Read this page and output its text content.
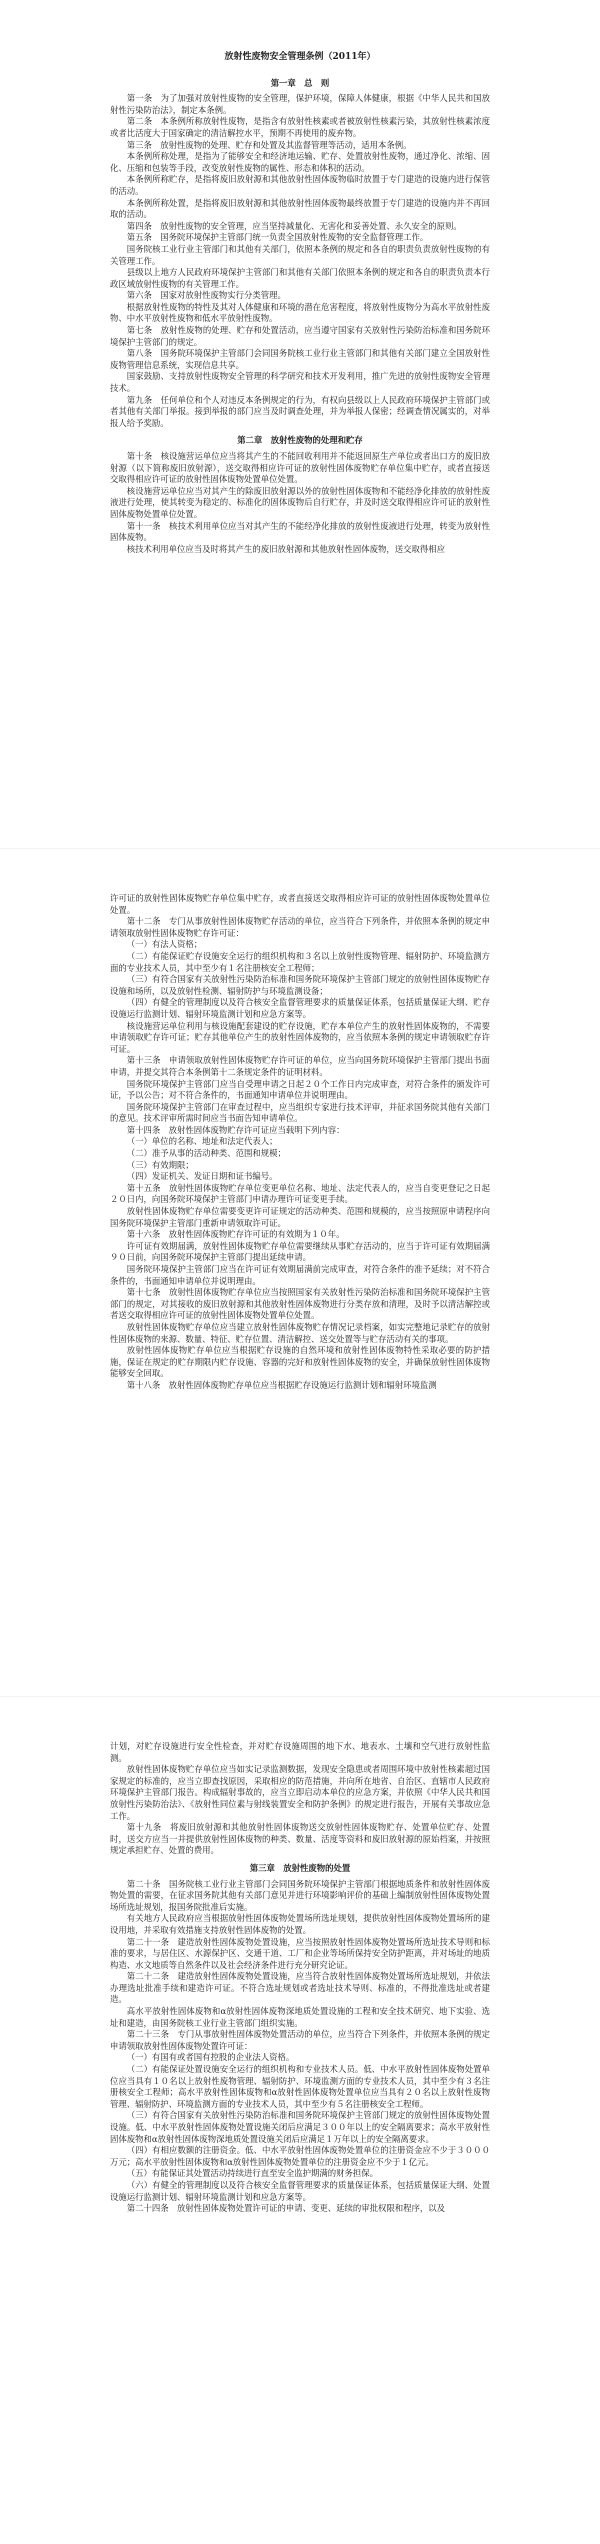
放射性废物安全管理条例（2011年）

第一章　总　则

第一条　为了加强对放射性废物的安全管理，保护环境，保障人体健康，根据《中华人民共和国放射性污染防治法》，制定本条例。

第二条　本条例所称放射性废物，是指含有放射性核素或者被放射性核素污染，其放射性核素浓度或者比活度大于国家确定的清洁解控水平，预期不再使用的废弃物。

第三条　放射性废物的处理、贮存和处置及其监督管理等活动，适用本条例。

本条例所称处理，是指为了能够安全和经济地运输、贮存、处置放射性废物，通过净化、浓缩、固化、压缩和包装等手段，改变放射性废物的属性、形态和体积的活动。

本条例所称贮存，是指将废旧放射源和其他放射性固体废物临时放置于专门建造的设施内进行保管的活动。

本条例所称处置，是指将废旧放射源和其他放射性固体废物最终放置于专门建造的设施内并不再回取的活动。

第四条　放射性废物的安全管理，应当坚持减量化、无害化和妥善处置、永久安全的原则。

第五条　国务院环境保护主管部门统一负责全国放射性废物的安全监督管理工作。

国务院核工业行业主管部门和其他有关部门，依照本条例的规定和各自的职责负责放射性废物的有关管理工作。

县级以上地方人民政府环境保护主管部门和其他有关部门依照本条例的规定和各自的职责负责本行政区域放射性废物的有关管理工作。

第六条　国家对放射性废物实行分类管理。

根据放射性废物的特性及其对人体健康和环境的潜在危害程度，将放射性废物分为高水平放射性废物、中水平放射性废物和低水平放射性废物。

第七条　放射性废物的处理、贮存和处置活动，应当遵守国家有关放射性污染防治标准和国务院环境保护主管部门的规定。

第八条　国务院环境保护主管部门会同国务院核工业行业主管部门和其他有关部门建立全国放射性废物管理信息系统，实现信息共享。

国家鼓励、支持放射性废物安全管理的科学研究和技术开发利用，推广先进的放射性废物安全管理技术。

第九条　任何单位和个人对违反本条例规定的行为，有权向县级以上人民政府环境保护主管部门或者其他有关部门举报。接到举报的部门应当及时调查处理，并为举报人保密；经调查情况属实的，对举报人给予奖励。

第二章　放射性废物的处理和贮存

第十条　核设施营运单位应当将其产生的不能回收利用并不能返回原生产单位或者出口方的废旧放射源（以下简称废旧放射源），送交取得相应许可证的放射性固体废物贮存单位集中贮存，或者直接送交取得相应许可证的放射性固体废物处置单位处置。

核设施营运单位应当对其产生的除废旧放射源以外的放射性固体废物和不能经净化排放的放射性废液进行处理，使其转变为稳定的、标准化的固体废物后自行贮存，并及时送交取得相应许可证的放射性固体废物处置单位处置。

第十一条　核技术利用单位应当对其产生的不能经净化排放的放射性废液进行处理，转变为放射性固体废物。

核技术利用单位应当及时将其产生的废旧放射源和其他放射性固体废物，送交取得相应

许可证的放射性固体废物贮存单位集中贮存，或者直接送交取得相应许可证的放射性固体废物处置单位处置。

第十二条　专门从事放射性固体废物贮存活动的单位，应当符合下列条件，并依照本条例的规定申请领取放射性固体废物贮存许可证：

（一）有法人资格；

（二）有能保证贮存设施安全运行的组织机构和３名以上放射性废物管理、辐射防护、环境监测方面的专业技术人员，其中至少有１名注册核安全工程师；

（三）有符合国家有关放射性污染防治标准和国务院环境保护主管部门规定的放射性固体废物贮存设施和场所，以及放射性检测、辐射防护与环境监测设备；

（四）有健全的管理制度以及符合核安全监督管理要求的质量保证体系，包括质量保证大纲、贮存设施运行监测计划、辐射环境监测计划和应急方案等。

核设施营运单位利用与核设施配套建设的贮存设施，贮存本单位产生的放射性固体废物的，不需要申请领取贮存许可证；贮存其他单位产生的放射性固体废物的，应当依照本条例的规定申请领取贮存许可证。

第十三条　申请领取放射性固体废物贮存许可证的单位，应当向国务院环境保护主管部门提出书面申请，并提交其符合本条例第十二条规定条件的证明材料。

国务院环境保护主管部门应当自受理申请之日起２０个工作日内完成审查，对符合条件的颁发许可证，予以公告；对不符合条件的，书面通知申请单位并说明理由。

国务院环境保护主管部门在审查过程中，应当组织专家进行技术评审，并征求国务院其他有关部门的意见。技术评审所需时间应当书面告知申请单位。

第十四条　放射性固体废物贮存许可证应当载明下列内容：

（一）单位的名称、地址和法定代表人；

（二）准予从事的活动种类、范围和规模；

（三）有效期限；

（四）发证机关、发证日期和证书编号。

第十五条　放射性固体废物贮存单位变更单位名称、地址、法定代表人的，应当自变更登记之日起２０日内，向国务院环境保护主管部门申请办理许可证变更手续。

放射性固体废物贮存单位需要变更许可证规定的活动种类、范围和规模的，应当按照原申请程序向国务院环境保护主管部门重新申请领取许可证。

第十六条　放射性固体废物贮存许可证的有效期为１０年。

许可证有效期届满，放射性固体废物贮存单位需要继续从事贮存活动的，应当于许可证有效期届满９０日前，向国务院环境保护主管部门提出延续申请。

国务院环境保护主管部门应当在许可证有效期届满前完成审查，对符合条件的准予延续；对不符合条件的，书面通知申请单位并说明理由。

第十七条　放射性固体废物贮存单位应当按照国家有关放射性污染防治标准和国务院环境保护主管部门的规定，对其接收的废旧放射源和其他放射性固体废物进行分类存放和清理，及时予以清洁解控或者送交取得相应许可证的放射性固体废物处置单位处置。

放射性固体废物贮存单位应当建立放射性固体废物贮存情况记录档案，如实完整地记录贮存的放射性固体废物的来源、数量、特征、贮存位置、清洁解控、送交处置等与贮存活动有关的事项。

放射性固体废物贮存单位应当根据贮存设施的自然环境和放射性固体废物特性采取必要的防护措施，保证在规定的贮存期限内贮存设施、容器的完好和放射性固体废物的安全，并确保放射性固体废物能够安全回取。

第十八条　放射性固体废物贮存单位应当根据贮存设施运行监测计划和辐射环境监测

计划，对贮存设施进行安全性检查，并对贮存设施周围的地下水、地表水、土壤和空气进行放射性监测。

放射性固体废物贮存单位应当如实记录监测数据，发现安全隐患或者周围环境中放射性核素超过国家规定的标准的，应当立即查找原因，采取相应的防范措施，并向所在地省、自治区、直辖市人民政府环境保护主管部门报告。构成辐射事故的，应当立即启动本单位的应急方案，并依照《中华人民共和国放射性污染防治法》、《放射性同位素与射线装置安全和防护条例》的规定进行报告，开展有关事故应急工作。

第十九条　将废旧放射源和其他放射性固体废物送交放射性固体废物贮存、处置单位贮存、处置时，送交方应当一并提供放射性固体废物的种类、数量、活度等资料和废旧放射源的原始档案，并按照规定承担贮存、处置的费用。

第三章　放射性废物的处置

第二十条　国务院核工业行业主管部门会同国务院环境保护主管部门根据地质条件和放射性固体废物处置的需要，在征求国务院其他有关部门意见并进行环境影响评价的基础上编制放射性固体废物处置场所选址规划，报国务院批准后实施。

有关地方人民政府应当根据放射性固体废物处置场所选址规划，提供放射性固体废物处置场所的建设用地，并采取有效措施支持放射性固体废物的处置。

第二十一条　建造放射性固体废物处置设施，应当按照放射性固体废物处置场所选址技术导则和标准的要求，与居住区、水源保护区、交通干道、工厂和企业等场所保持安全防护距离，并对场址的地质构造、水文地质等自然条件以及社会经济条件进行充分研究论证。

第二十二条　建造放射性固体废物处置设施，应当符合放射性固体废物处置场所选址规划，并依法办理选址批准手续和建造许可证。不符合选址规划或者选址技术导则、标准的，不得批准选址或者建造。

高水平放射性固体废物和α放射性固体废物深地质处置设施的工程和安全技术研究、地下实验、选址和建造，由国务院核工业行业主管部门组织实施。

第二十三条　专门从事放射性固体废物处置活动的单位，应当符合下列条件，并依照本条例的规定申请领取放射性固体废物处置许可证：

（一）有国有或者国有控股的企业法人资格。

（二）有能保证处置设施安全运行的组织机构和专业技术人员。低、中水平放射性固体废物处置单位应当具有１０名以上放射性废物管理、辐射防护、环境监测方面的专业技术人员，其中至少有３名注册核安全工程师；高水平放射性固体废物和α放射性固体废物处置单位应当具有２０名以上放射性废物管理、辐射防护、环境监测方面的专业技术人员，其中至少有５名注册核安全工程师。

（三）有符合国家有关放射性污染防治标准和国务院环境保护主管部门规定的放射性固体废物处置设施。低、中水平放射性固体废物处置设施关闭后应满足３００年以上的安全隔离要求；高水平放射性固体废物和α放射性固体废物深地质处置设施关闭后应满足１万年以上的安全隔离要求。

（四）有相应数额的注册资金。低、中水平放射性固体废物处置单位的注册资金应不少于３０００万元；高水平放射性固体废物和α放射性固体废物处置单位的注册资金应不少于１亿元。

（五）有能保证其处置活动持续进行直至安全监护期满的财务担保。

（六）有健全的管理制度以及符合核安全监督管理要求的质量保证体系，包括质量保证大纲、处置设施运行监测计划、辐射环境监测计划和应急方案等。

第二十四条　放射性固体废物处置许可证的申请、变更、延续的审批权限和程序，以及
